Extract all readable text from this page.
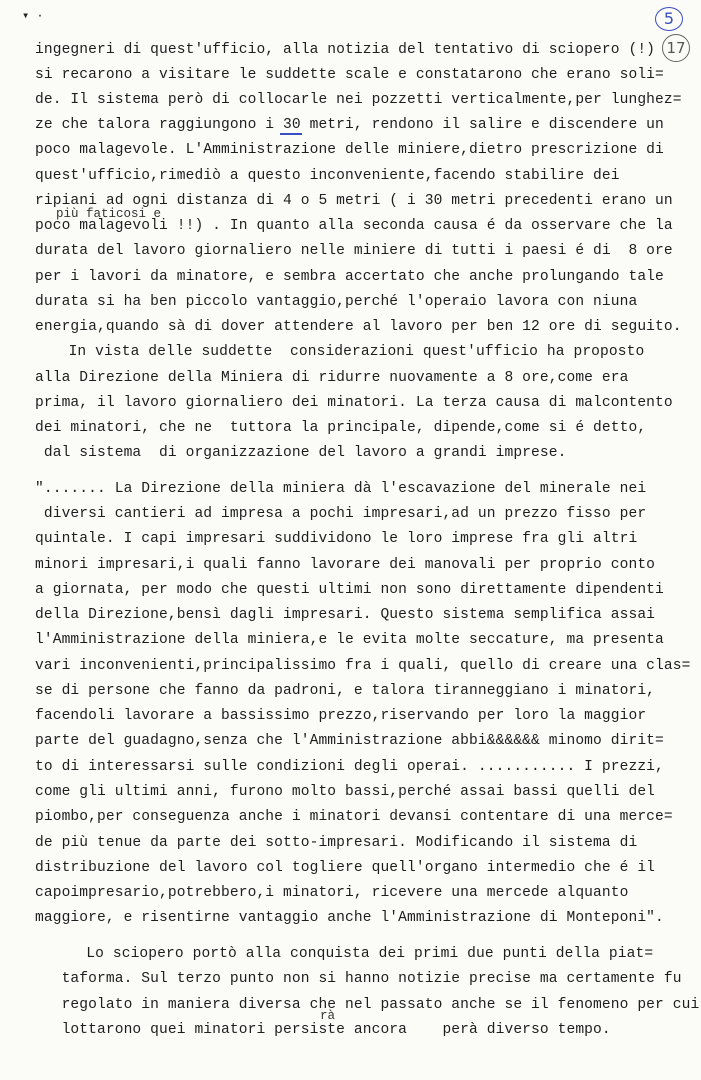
▾ ·	5
17
più faticosi e
rà
ingegneri di quest'ufficio, alla notizia del tentativo di sciopero (!)
si recarono a visitare le suddette scale e constatarono che erano soli=
de. Il sistema però di collocarle nei pozzetti verticalmente,per lunghez=
ze che talora raggiungono i 30 metri, rendono il salire e discendere un
poco malagevole. L'Amministrazione delle miniere,dietro prescrizione di
quest'ufficio,rimediò a questo inconveniente,facendo stabilire dei
ripiani ad ogni distanza di 4 o 5 metri ( i 30 metri precedenti erano un
poco malagevoli !!) . In quanto alla seconda causa é da osservare che la
durata del lavoro giornaliero nelle miniere di tutti i paesi é di  8 ore
per i lavori da minatore, e sembra accertato che anche prolungando tale
durata si ha ben piccolo vantaggio,perché l'operaio lavora con niuna
energia,quando sà di dover attendere al lavoro per ben 12 ore di seguito.
In vista delle suddette  considerazioni quest'ufficio ha proposto
alla Direzione della Miniera di ridurre nuovamente a 8 ore,come era
prima, il lavoro giornaliero dei minatori. La terza causa di malcontento
dei minatori, che ne  tuttora la principale, dipende,come si é detto,
dal sistema  di organizzazione del lavoro a grandi imprese.
"....... La Direzione della miniera dà l'escavazione del minerale nei
diversi cantieri ad impresa a pochi impresari,ad un prezzo fisso per
quintale. I capi impresari suddividono le loro imprese fra gli altri
minori impresari,i quali fanno lavorare dei manovali per proprio conto
a giornata, per modo che questi ultimi non sono direttamente dipendenti
della Direzione,bensì dagli impresari. Questo sistema semplifica assai
l'Amministrazione della miniera,e le evita molte seccature, ma presenta
vari inconvenienti,principalissimo fra i quali, quello di creare una clas=
se di persone che fanno da padroni, e talora tiranneggiano i minatori,
facendoli lavorare a bassissimo prezzo,riservando per loro la maggior
parte del guadagno,senza che l'Amministrazione abbi&&&&&& minomo dirit=
to di interessarsi sulle condizioni degli operai. ........... I prezzi,
come gli ultimi anni, furono molto bassi,perché assai bassi quelli del
piombo,per conseguenza anche i minatori devansi contentare di una merce=
de più tenue da parte dei sotto-impresari. Modificando il sistema di
distribuzione del lavoro col togliere quell'organo intermedio che é il
capoimpresario,potrebbero,i minatori, ricevere una mercede alquanto
maggiore, e risentirne vantaggio anche l'Amministrazione di Monteponi".
Lo sciopero portò alla conquista dei primi due punti della piat=
taforma. Sul terzo punto non si hanno notizie precise ma certamente fu
regolato in maniera diversa che nel passato anche se il fenomeno per cui
lottarono quei minatori persiste ancora    perà diverso tempo.
